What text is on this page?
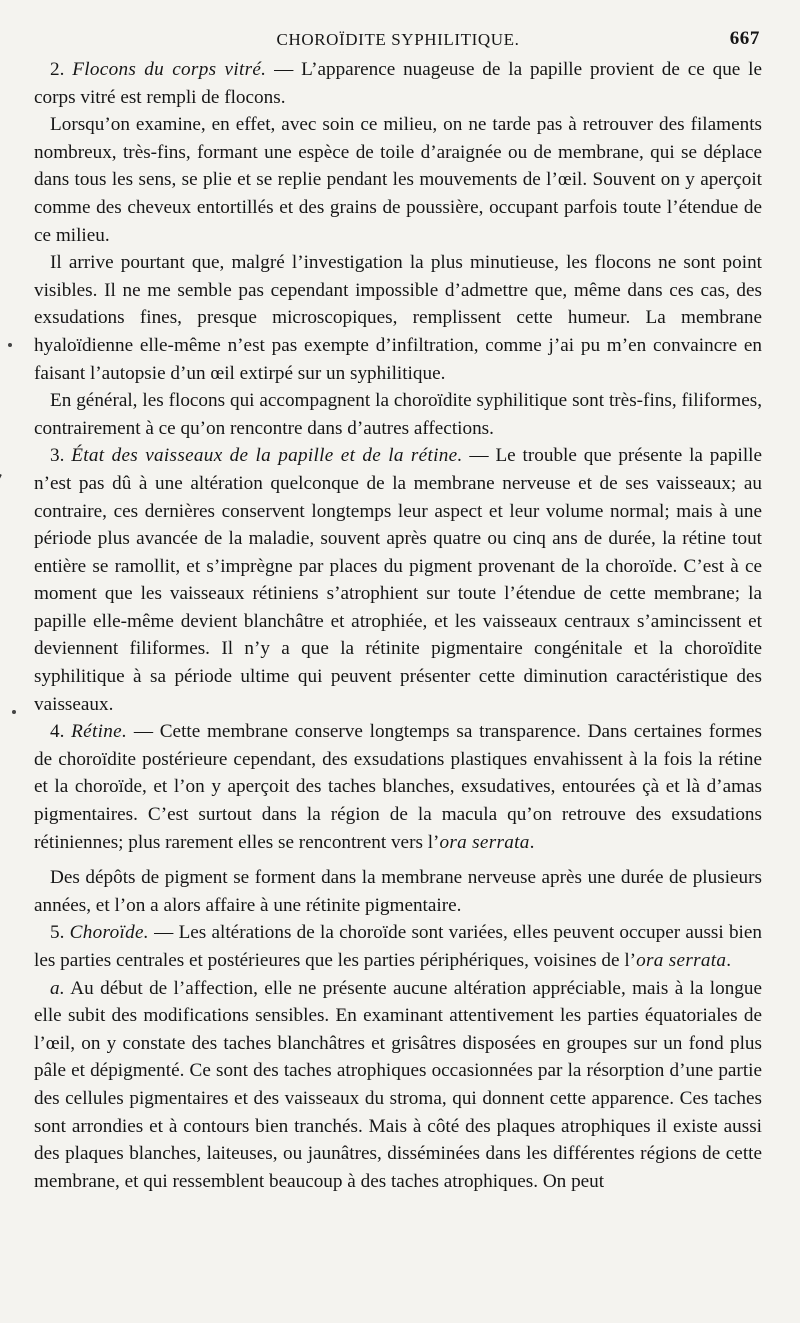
CHOROÏDITE SYPHILITIQUE.	667

2. Flocons du corps vitré. — L’apparence nuageuse de la papille provient de ce que le corps vitré est rempli de flocons.

Lorsqu’on examine, en effet, avec soin ce milieu, on ne tarde pas à retrouver des filaments nombreux, très-fins, formant une espèce de toile d’araignée ou de membrane, qui se déplace dans tous les sens, se plie et se replie pendant les mouvements de l’œil. Souvent on y aperçoit comme des cheveux entortillés et des grains de poussière, occupant parfois toute l’étendue de ce milieu.

Il arrive pourtant que, malgré l’investigation la plus minutieuse, les flocons ne sont point visibles. Il ne me semble pas cependant impossible d’admettre que, même dans ces cas, des exsudations fines, presque microscopiques, remplissent cette humeur. La membrane hyaloïdienne elle-même n’est pas exempte d’infiltration, comme j’ai pu m’en convaincre en faisant l’autopsie d’un œil extirpé sur un syphilitique.

En général, les flocons qui accompagnent la choroïdite syphilitique sont très-fins, filiformes, contrairement à ce qu’on rencontre dans d’autres affections.

3. État des vaisseaux de la papille et de la rétine. — Le trouble que présente la papille n’est pas dû à une altération quelconque de la membrane nerveuse et de ses vaisseaux; au contraire, ces dernières conservent longtemps leur aspect et leur volume normal; mais à une période plus avancée de la maladie, souvent après quatre ou cinq ans de durée, la rétine tout entière se ramollit, et s’imprègne par places du pigment provenant de la choroïde. C’est à ce moment que les vaisseaux rétiniens s’atrophient sur toute l’étendue de cette membrane; la papille elle-même devient blanchâtre et atrophiée, et les vaisseaux centraux s’amincissent et deviennent filiformes. Il n’y a que la rétinite pigmentaire congénitale et la choroïdite syphilitique à sa période ultime qui peuvent présenter cette diminution caractéristique des vaisseaux.

4. Rétine. — Cette membrane conserve longtemps sa transparence. Dans certaines formes de choroïdite postérieure cependant, des exsudations plastiques envahissent à la fois la rétine et la choroïde, et l’on y aperçoit des taches blanches, exsudatives, entourées çà et là d’amas pigmentaires. C’est surtout dans la région de la macula qu’on retrouve des exsudations rétiniennes; plus rarement elles se rencontrent vers l’ora serrata.

Des dépôts de pigment se forment dans la membrane nerveuse après une durée de plusieurs années, et l’on a alors affaire à une rétinite pigmentaire.

5. Choroïde. — Les altérations de la choroïde sont variées, elles peuvent occuper aussi bien les parties centrales et postérieures que les parties périphériques, voisines de l’ora serrata.

a. Au début de l’affection, elle ne présente aucune altération appréciable, mais à la longue elle subit des modifications sensibles. En examinant attentivement les parties équatoriales de l’œil, on y constate des taches blanchâtres et grisâtres disposées en groupes sur un fond plus pâle et dépigmenté. Ce sont des taches atrophiques occasionnées par la résorption d’une partie des cellules pigmentaires et des vaisseaux du stroma, qui donnent cette apparence. Ces taches sont arrondies et à contours bien tranchés. Mais à côté des plaques atrophiques il existe aussi des plaques blanches, laiteuses, ou jaunâtres, disséminées dans les différentes régions de cette membrane, et qui ressemblent beaucoup à des taches atrophiques. On peut
